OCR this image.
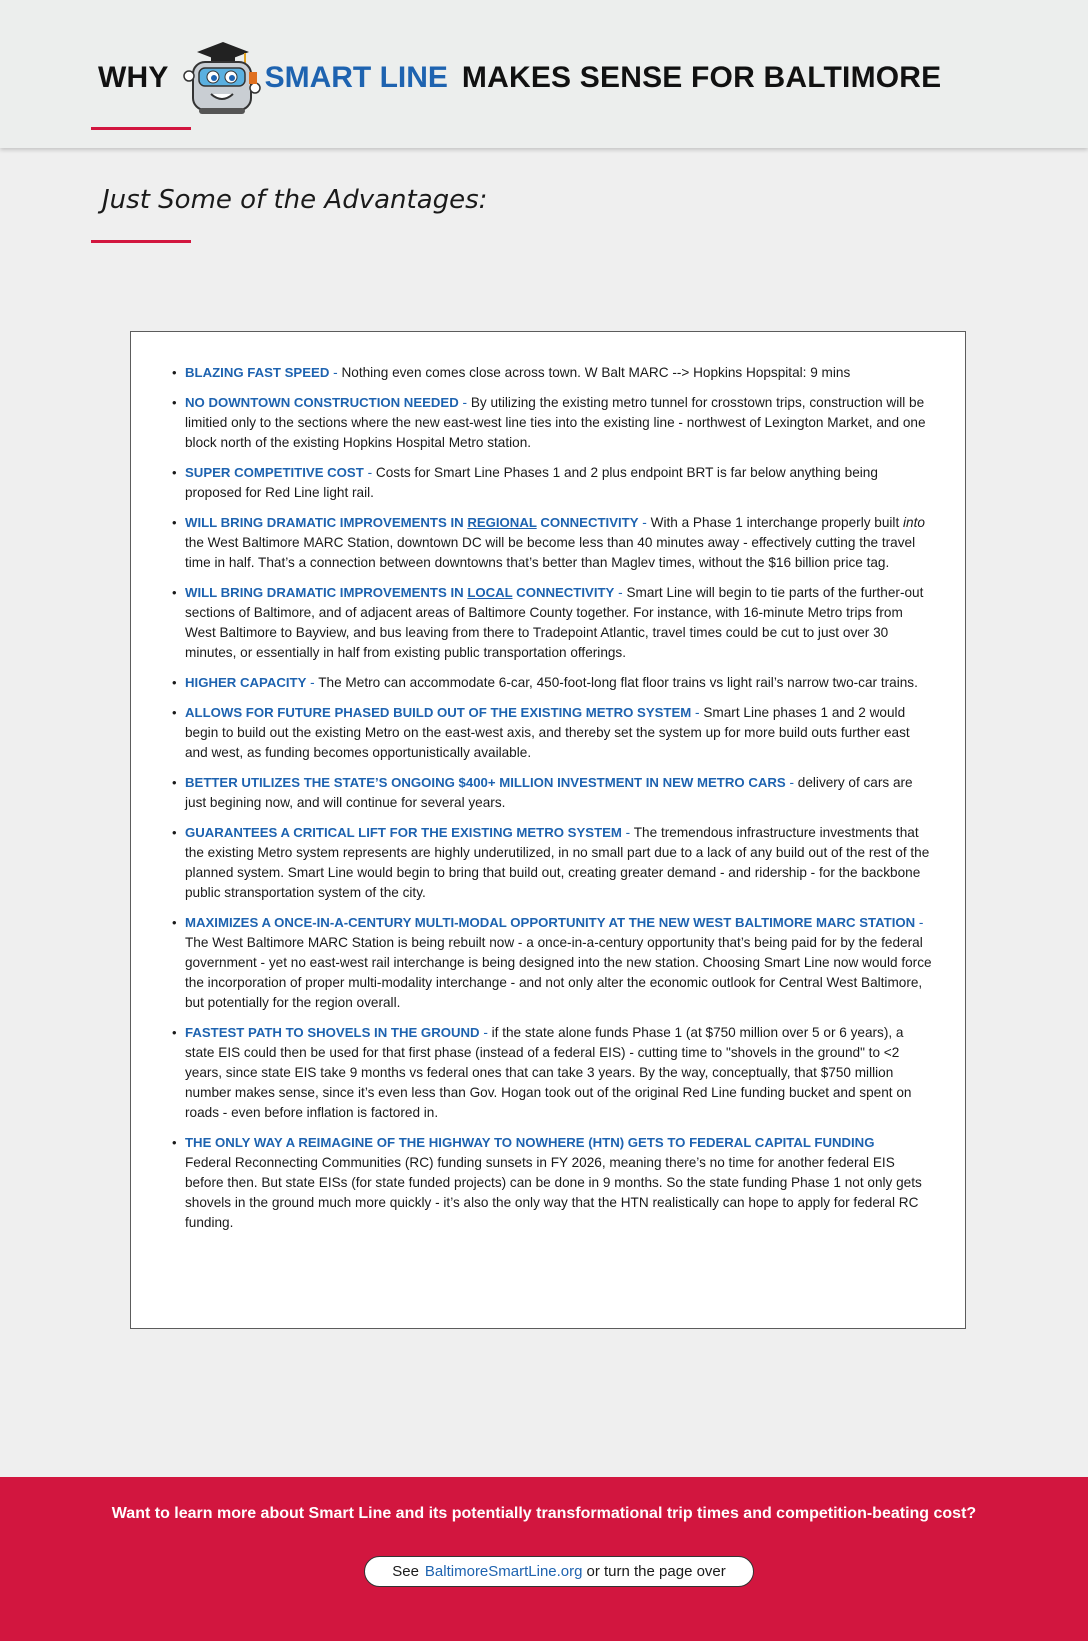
WHY	SMART LINE MAKES SENSE FOR BALTIMORE
Just Some of the Advantages:
• BLAZING FAST SPEED - Nothing even comes close across town. W Balt MARC --> Hopkins Hopspital: 9 mins
• NO DOWNTOWN CONSTRUCTION NEEDED - By utilizing the existing metro tunnel for crosstown trips, construction will be limitied only to the sections where the new east-west line ties into the existing line - northwest of Lexington Market, and one block north of the existing Hopkins Hospital Metro station.
• SUPER COMPETITIVE COST - Costs for Smart Line Phases 1 and 2 plus endpoint BRT is far below anything being proposed for Red Line light rail.
• WILL BRING DRAMATIC IMPROVEMENTS IN REGIONAL CONNECTIVITY - With a Phase 1 interchange properly built into the West Baltimore MARC Station, downtown DC will be become less than 40 minutes away - effectively cutting the travel time in half. That’s a connection between downtowns that’s better than Maglev times, without the $16 billion price tag.
• WILL BRING DRAMATIC IMPROVEMENTS IN LOCAL CONNECTIVITY - Smart Line will begin to tie parts of the further-out sections of Baltimore, and of adjacent areas of Baltimore County together. For instance, with 16-minute Metro trips from West Baltimore to Bayview, and bus leaving from there to Tradepoint Atlantic, travel times could be cut to just over 30 minutes, or essentially in half from existing public transportation offerings.
• HIGHER CAPACITY - The Metro can accommodate 6-car, 450-foot-long flat floor trains vs light rail’s narrow two-car trains.
• ALLOWS FOR FUTURE PHASED BUILD OUT OF THE EXISTING METRO SYSTEM - Smart Line phases 1 and 2 would begin to build out the existing Metro on the east-west axis, and thereby set the system up for more build outs further east and west, as funding becomes opportunistically available.
• BETTER UTILIZES THE STATE’S ONGOING $400+ MILLION INVESTMENT IN NEW METRO CARS - delivery of cars are just begining now, and will continue for several years.
• GUARANTEES A CRITICAL LIFT FOR THE EXISTING METRO SYSTEM - The tremendous infrastructure investments that the existing Metro system represents are highly underutilized, in no small part due to a lack of any build out of the rest of the planned system. Smart Line would begin to bring that build out, creating greater demand - and ridership - for the backbone public stransportation system of the city.
• MAXIMIZES A ONCE-IN-A-CENTURY MULTI-MODAL OPPORTUNITY AT THE NEW WEST BALTIMORE MARC STATION - The West Baltimore MARC Station is being rebuilt now - a once-in-a-century opportunity that’s being paid for by the federal government - yet no east-west rail interchange is being designed into the new station. Choosing Smart Line now would force the incorporation of proper multi-modality interchange - and not only alter the economic outlook for Central West Baltimore, but potentially for the region overall.
• FASTEST PATH TO SHOVELS IN THE GROUND - if the state alone funds Phase 1 (at $750 million over 5 or 6 years), a state EIS could then be used for that first phase (instead of a federal EIS) - cutting time to "shovels in the ground" to <2 years, since state EIS take 9 months vs federal ones that can take 3 years. By the way, conceptually, that $750 million number makes sense, since it’s even less than Gov. Hogan took out of the original Red Line funding bucket and spent on roads - even before inflation is factored in.
• THE ONLY WAY A REIMAGINE OF THE HIGHWAY TO NOWHERE (HTN) GETS TO FEDERAL CAPITAL FUNDING
Federal Reconnecting Communities (RC) funding sunsets in FY 2026, meaning there’s no time for another federal EIS before then. But state EISs (for state funded projects) can be done in 9 months. So the state funding Phase 1 not only gets shovels in the ground much more quickly - it’s also the only way that the HTN realistically can hope to apply for federal RC funding.
Want to learn more about Smart Line and its potentially transformational trip times and competition-beating cost?
See BaltimoreSmartLine.org or turn the page over
